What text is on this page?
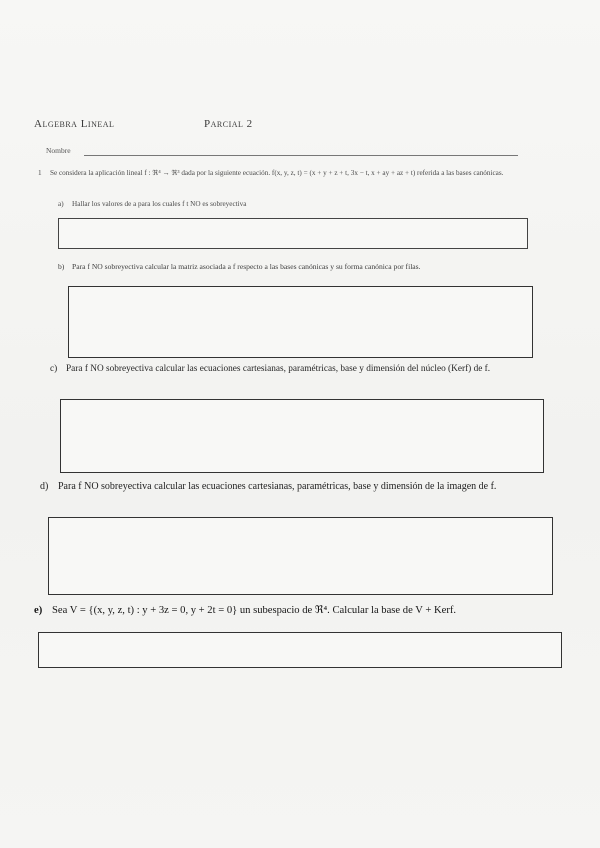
Algebra Lineal	Parcial 2
Nombre
1 Se considera la aplicación lineal f : ℜ⁴ → ℜ³ dada por la siguiente ecuación. f(x, y, z, t) = (x + y + z + t, 3x − t, x + ay + az + t) referida a las bases canónicas.
a) Hallar los valores de a para los cuales f t NO es sobreyectiva
b) Para f NO sobreyectiva calcular la matriz asociada a f respecto a las bases canónicas y su forma canónica por filas.
c) Para f NO sobreyectiva calcular las ecuaciones cartesianas, paramétricas, base y dimensión del núcleo (Kerf) de f.
d) Para f NO sobreyectiva calcular las ecuaciones cartesianas, paramétricas, base y dimensión de la imagen de f.
e) Sea V = {(x, y, z, t) : y + 3z = 0, y + 2t = 0} un subespacio de ℜ⁴. Calcular la base de V + Kerf.
